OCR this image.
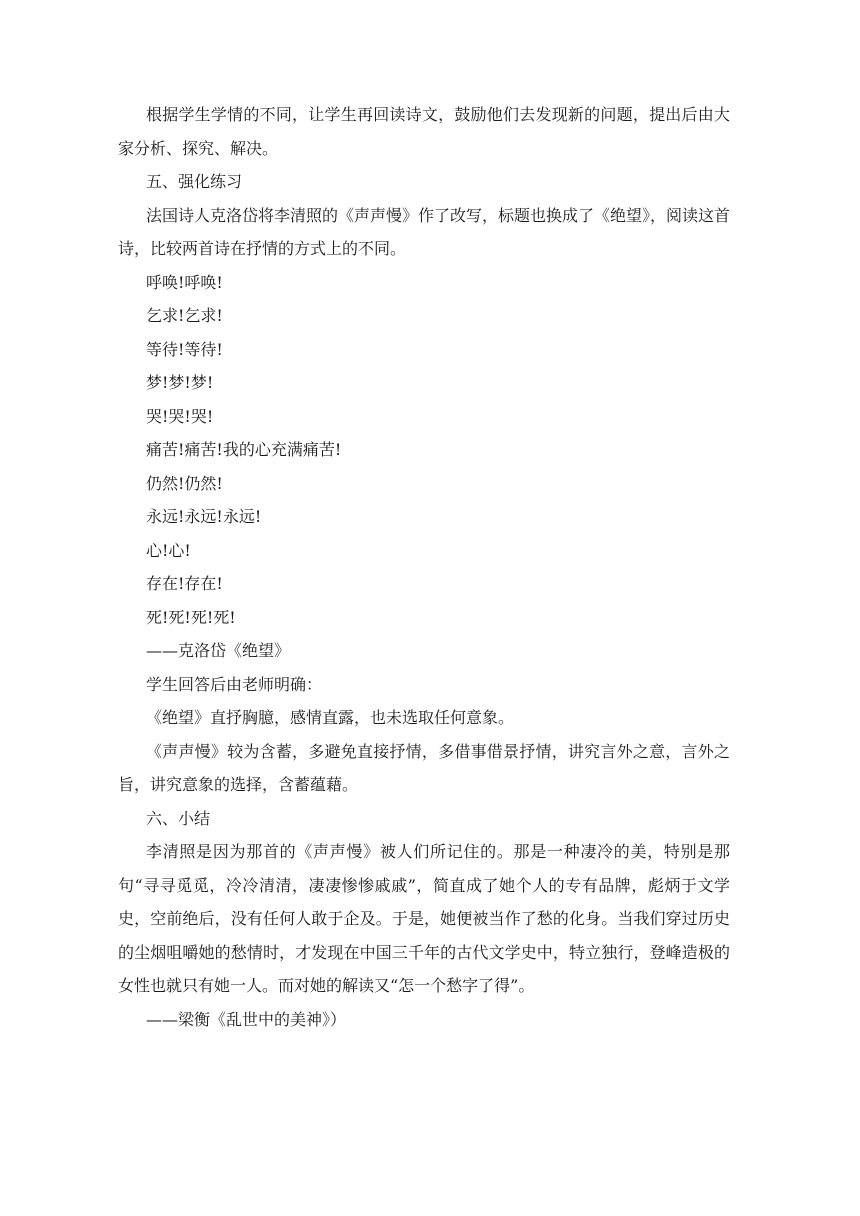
根据学生学情的不同，让学生再回读诗文，鼓励他们去发现新的问题，提出后由大家分析、探究、解决。

五、强化练习

法国诗人克洛岱将李清照的《声声慢》作了改写，标题也换成了《绝望》，阅读这首诗，比较两首诗在抒情的方式上的不同。

呼唤!呼唤!

乞求!乞求!

等待!等待!

梦!梦!梦!

哭!哭!哭!

痛苦!痛苦!我的心充满痛苦!

仍然!仍然!

永远!永远!永远!

心!心!

存在!存在!

死!死!死!死!

——克洛岱《绝望》

学生回答后由老师明确：

《绝望》直抒胸臆，感情直露，也未选取任何意象。

《声声慢》较为含蓄，多避免直接抒情，多借事借景抒情，讲究言外之意，言外之旨，讲究意象的选择，含蓄蕴藉。

六、小结

李清照是因为那首的《声声慢》被人们所记住的。那是一种凄冷的美，特别是那句“寻寻觅觅，冷冷清清，凄凄惨惨戚戚”，简直成了她个人的专有品牌，彪炳于文学史，空前绝后，没有任何人敢于企及。于是，她便被当作了愁的化身。当我们穿过历史的尘烟咀嚼她的愁情时，才发现在中国三千年的古代文学史中，特立独行，登峰造极的女性也就只有她一人。而对她的解读又“怎一个愁字了得”。

——梁衡《乱世中的美神》）
